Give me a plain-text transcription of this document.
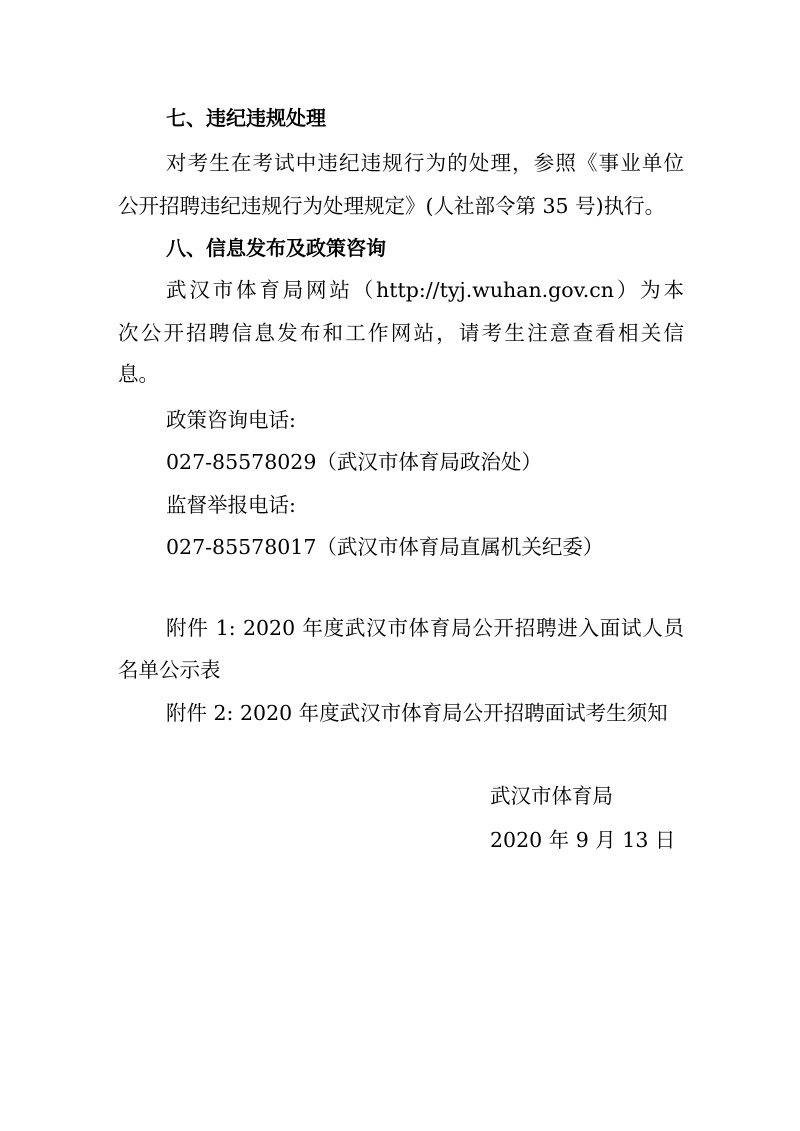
七、违纪违规处理
对考生在考试中违纪违规行为的处理，参照《事业单位
公开招聘违纪违规行为处理规定》(人社部令第 35 号)执行。
八、信息发布及政策咨询
武汉市体育局网站（http://tyj.wuhan.gov.cn）为本
次公开招聘信息发布和工作网站，请考生注意查看相关信
息。
政策咨询电话:
027-85578029（武汉市体育局政治处）
监督举报电话:
027-85578017（武汉市体育局直属机关纪委）
附件 1: 2020 年度武汉市体育局公开招聘进入面试人员
名单公示表
附件 2: 2020 年度武汉市体育局公开招聘面试考生须知
武汉市体育局
2020 年 9 月 13 日
